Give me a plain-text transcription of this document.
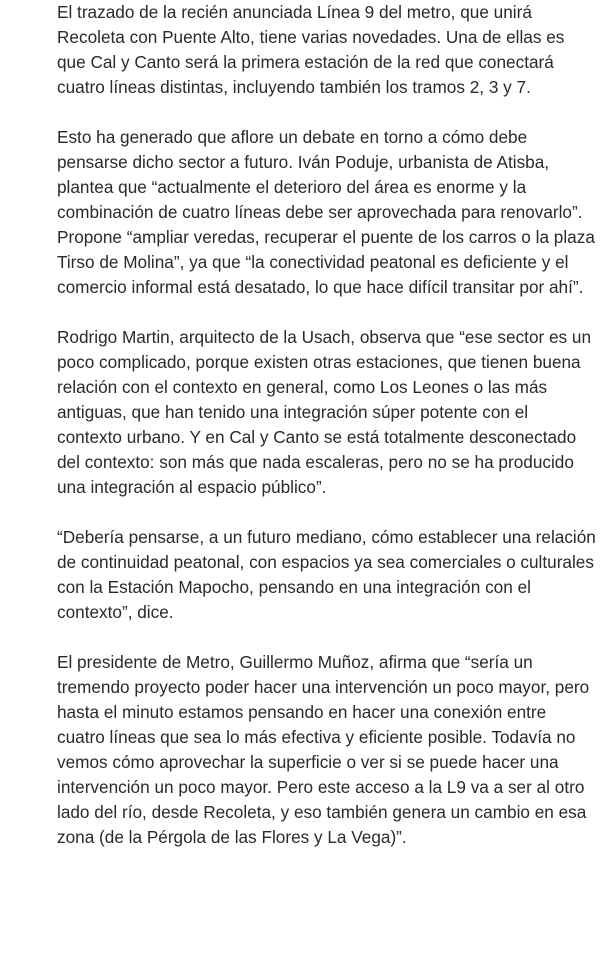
El trazado de la recién anunciada Línea 9 del metro, que unirá Recoleta con Puente Alto, tiene varias novedades. Una de ellas es que Cal y Canto será la primera estación de la red que conectará cuatro líneas distintas, incluyendo también los tramos 2, 3 y 7.

Esto ha generado que aflore un debate en torno a cómo debe pensarse dicho sector a futuro. Iván Poduje, urbanista de Atisba, plantea que “actualmente el deterioro del área es enorme y la combinación de cuatro líneas debe ser aprovechada para renovarlo”. Propone “ampliar veredas, recuperar el puente de los carros o la plaza Tirso de Molina”, ya que “la conectividad peatonal es deficiente y el comercio informal está desatado, lo que hace difícil transitar por ahí”.

Rodrigo Martin, arquitecto de la Usach, observa que “ese sector es un poco complicado, porque existen otras estaciones, que tienen buena relación con el contexto en general, como Los Leones o las más antiguas, que han tenido una integración súper potente con el contexto urbano. Y en Cal y Canto se está totalmente desconectado del contexto: son más que nada escaleras, pero no se ha producido una integración al espacio público”.

“Debería pensarse, a un futuro mediano, cómo establecer una relación de continuidad peatonal, con espacios ya sea comerciales o culturales con la Estación Mapocho, pensando en una integración con el contexto”, dice.

El presidente de Metro, Guillermo Muñoz, afirma que “sería un tremendo proyecto poder hacer una intervención un poco mayor, pero hasta el minuto estamos pensando en hacer una conexión entre cuatro líneas que sea lo más efectiva y eficiente posible. Todavía no vemos cómo aprovechar la superficie o ver si se puede hacer una intervención un poco mayor. Pero este acceso a la L9 va a ser al otro lado del río, desde Recoleta, y eso también genera un cambio en esa zona (de la Pérgola de las Flores y La Vega)”.
